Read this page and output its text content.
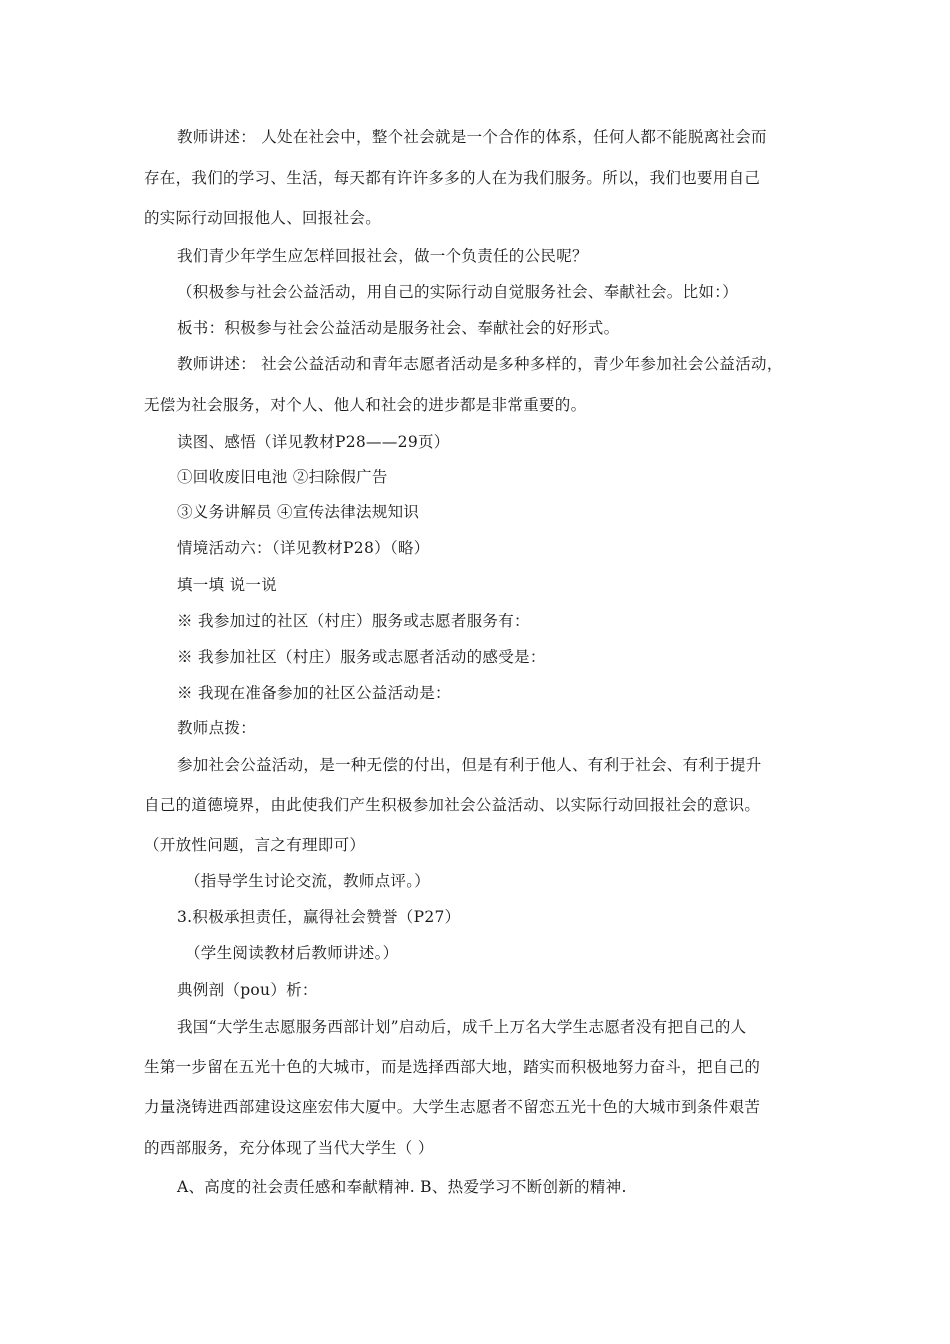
教师讲述： 人处在社会中，整个社会就是一个合作的体系，任何人都不能脱离社会而
存在，我们的学习、生活，每天都有许许多多的人在为我们服务。所以，我们也要用自己
的实际行动回报他人、回报社会。
我们青少年学生应怎样回报社会，做一个负责任的公民呢？
（积极参与社会公益活动，用自己的实际行动自觉服务社会、奉献社会。比如：）
板书：积极参与社会公益活动是服务社会、奉献社会的好形式。
教师讲述： 社会公益活动和青年志愿者活动是多种多样的，青少年参加社会公益活动，
无偿为社会服务，对个人、他人和社会的进步都是非常重要的。
读图、感悟（详见教材P28——29页）
①回收废旧电池 ②扫除假广告
③义务讲解员 ④宣传法律法规知识
情境活动六：（详见教材P28）（略）
填一填 说一说
※ 我参加过的社区（村庄）服务或志愿者服务有：
※ 我参加社区（村庄）服务或志愿者活动的感受是：
※ 我现在准备参加的社区公益活动是：
教师点拨：
参加社会公益活动，是一种无偿的付出，但是有利于他人、有利于社会、有利于提升
自己的道德境界，由此使我们产生积极参加社会公益活动、以实际行动回报社会的意识。
（开放性问题，言之有理即可）
（指导学生讨论交流，教师点评。）
3.积极承担责任，赢得社会赞誉（P27）
（学生阅读教材后教师讲述。）
典例剖（pou）析：
我国“大学生志愿服务西部计划”启动后，成千上万名大学生志愿者没有把自己的人
生第一步留在五光十色的大城市，而是选择西部大地，踏实而积极地努力奋斗，把自己的
力量浇铸进西部建设这座宏伟大厦中。大学生志愿者不留恋五光十色的大城市到条件艰苦
的西部服务，充分体现了当代大学生（ ）
A、高度的社会责任感和奉献精神. B、热爱学习不断创新的精神.
